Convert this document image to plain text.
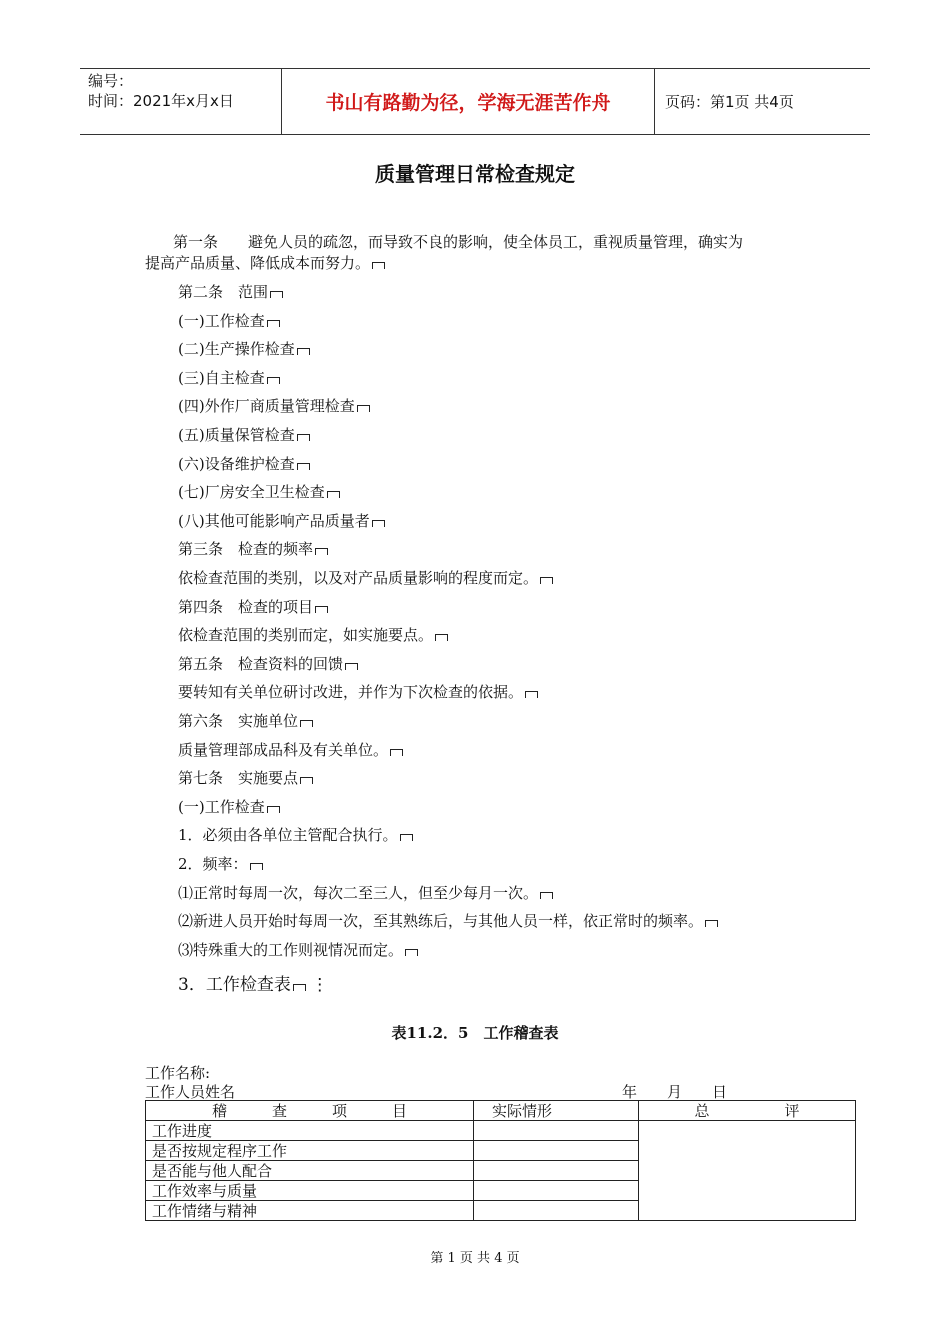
编号：
时间：2021年x月x日	书山有路勤为径，学海无涯苦作舟	页码：第1页 共4页
质量管理日常检查规定
第一条　　避免人员的疏忽，而导致不良的影响，使全体员工，重视质量管理，确实为
提高产品质量、降低成本而努力。
第二条　范围
(一)工作检查
(二)生产操作检查
(三)自主检查
(四)外作厂商质量管理检查
(五)质量保管检查
(六)设备维护检查
(七)厂房安全卫生检查
(八)其他可能影响产品质量者
第三条　检查的频率
依检查范围的类别，以及对产品质量影响的程度而定。
第四条　检查的项目
依检查范围的类别而定，如实施要点。
第五条　检查资料的回馈
要转知有关单位研讨改进，并作为下次检查的依据。
第六条　实施单位
质量管理部成品科及有关单位。
第七条　实施要点
(一)工作检查
1．必须由各单位主管配合执行。
2．频率：
⑴正常时每周一次，每次二至三人，但至少每月一次。
⑵新进人员开始时每周一次，至其熟练后，与其他人员一样，依正常时的频率。
⑶特殊重大的工作则视情况而定。
3．工作检查表 ⋮
表11.2．5　工作稽查表
工作名称:
工作人员姓名	年　　月　　日
稽　　　查　　　项　　　目	实际情形	总　　　　　评
工作进度		
是否按规定程序工作		
是否能与他人配合		
工作效率与质量		
工作情绪与精神		
第 1 页 共 4 页
